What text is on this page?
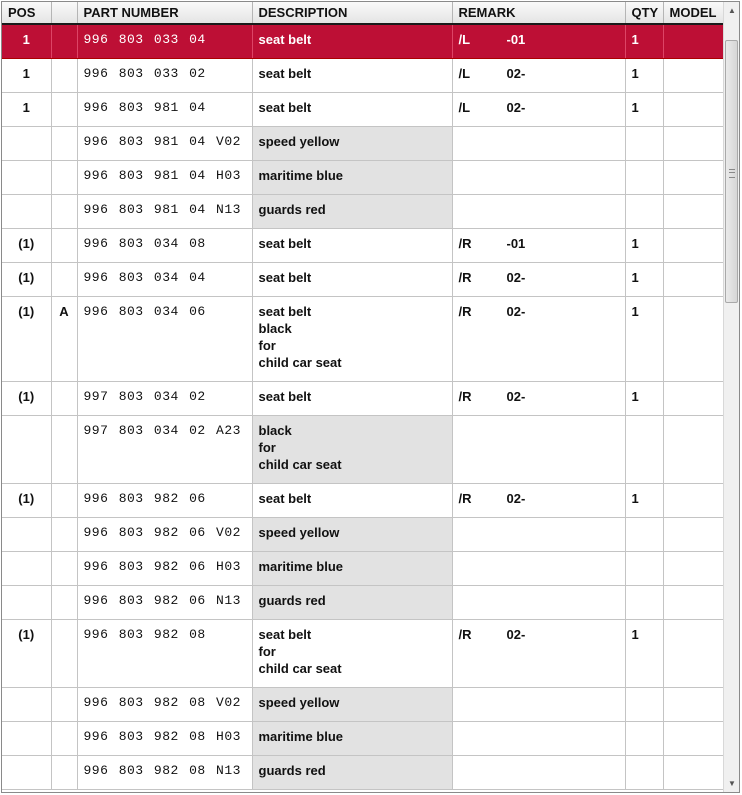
POS		PART NUMBER	DESCRIPTION	REMARK	QTY	MODEL

1		996 803 033 04	seat belt	/L -01	1	

1		996 803 033 02	seat belt	/L 02-	1	

1		996 803 981 04	seat belt	/L 02-	1	

		996 803 981 04 V02	speed yellow			

		996 803 981 04 H03	maritime blue			

		996 803 981 04 N13	guards red			

(1)		996 803 034 08	seat belt	/R -01	1	

(1)		996 803 034 04	seat belt	/R 02-	1	

(1)	A	996 803 034 06	seat belt
black
for
child car seat	/R 02-	1	

(1)		997 803 034 02	seat belt	/R 02-	1	

		997 803 034 02 A23	black
for
child car seat			

(1)		996 803 982 06	seat belt	/R 02-	1	

		996 803 982 06 V02	speed yellow			

		996 803 982 06 H03	maritime blue			

		996 803 982 06 N13	guards red			

(1)		996 803 982 08	seat belt
for
child car seat	/R 02-	1	

		996 803 982 08 V02	speed yellow			

		996 803 982 08 H03	maritime blue			

		996 803 982 08 N13	guards red			

▲
▼
